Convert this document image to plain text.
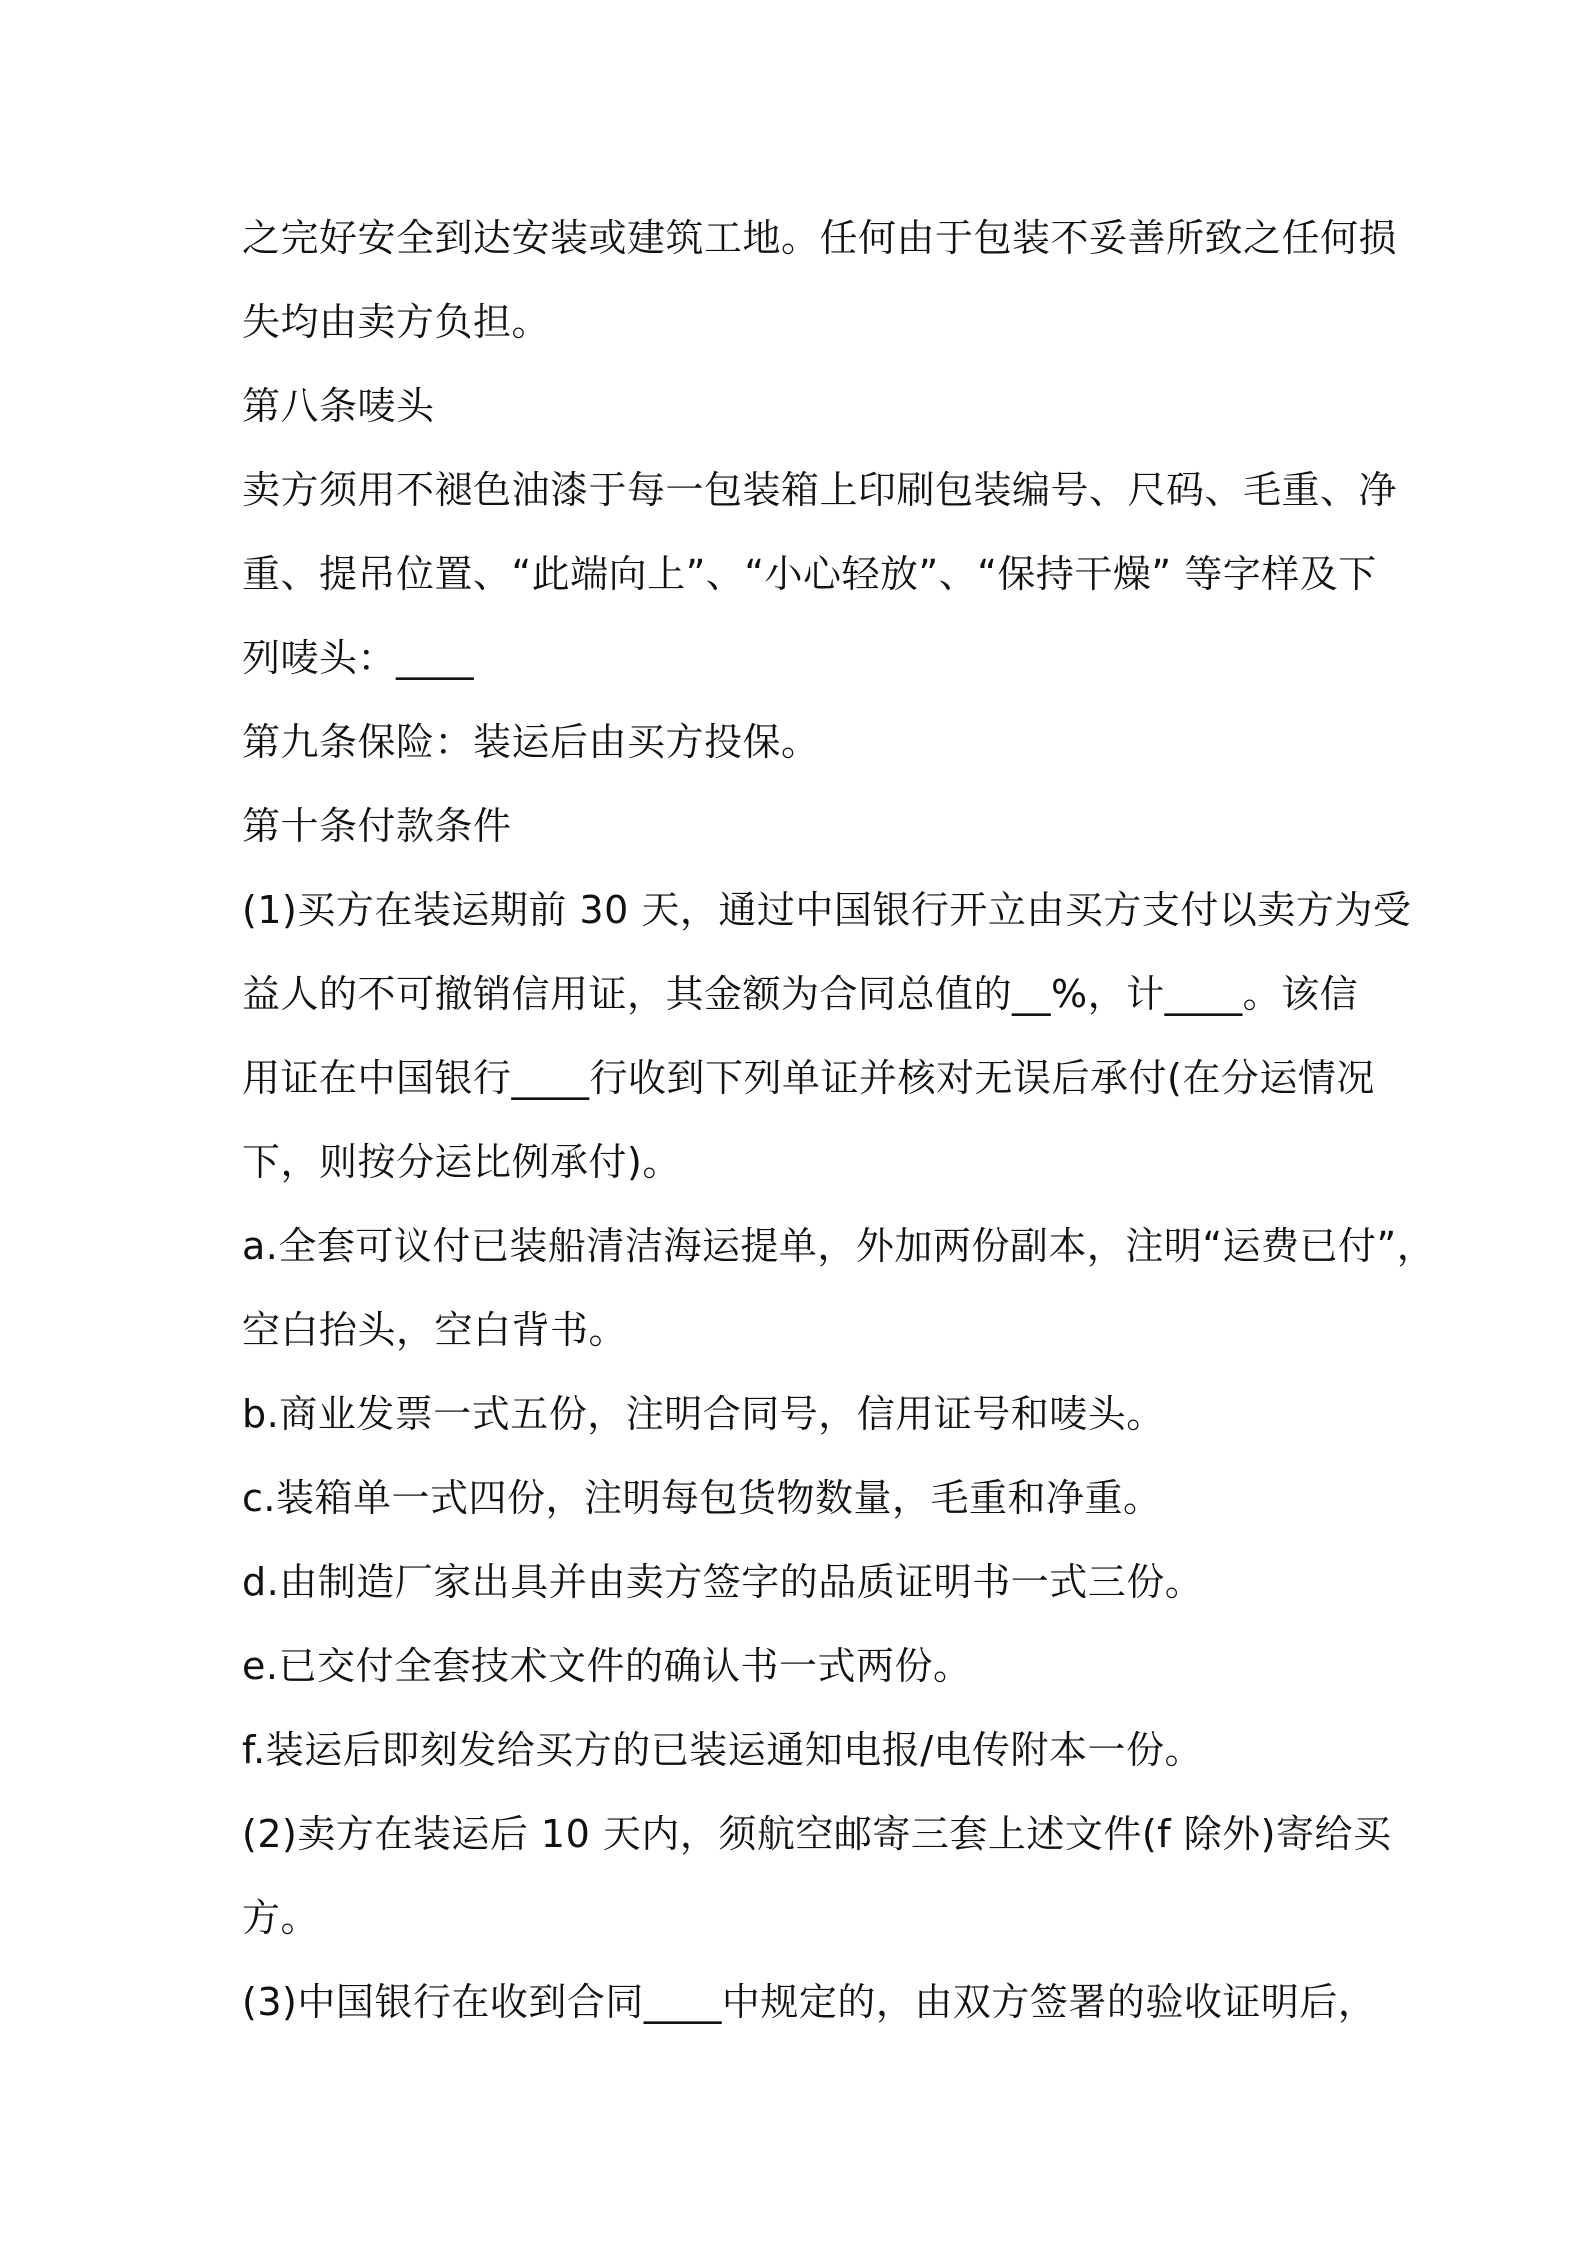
之完好安全到达安装或建筑工地。任何由于包装不妥善所致之任何损
失均由卖方负担。
第八条唛头
卖方须用不褪色油漆于每一包装箱上印刷包装编号、尺码、毛重、净
重、提吊位置、“此端向上”、“小心轻放”、“保持干燥” 等字样及下
列唛头：____
第九条保险：装运后由买方投保。
第十条付款条件
(1)买方在装运期前 30 天，通过中国银行开立由买方支付以卖方为受
益人的不可撤销信用证，其金额为合同总值的__%，计____。该信
用证在中国银行____行收到下列单证并核对无误后承付(在分运情况
下，则按分运比例承付)。
a.全套可议付已装船清洁海运提单，外加两份副本，注明“运费已付”，
空白抬头，空白背书。
b.商业发票一式五份，注明合同号，信用证号和唛头。
c.装箱单一式四份，注明每包货物数量，毛重和净重。
d.由制造厂家出具并由卖方签字的品质证明书一式三份。
e.已交付全套技术文件的确认书一式两份。
f.装运后即刻发给买方的已装运通知电报/电传附本一份。
(2)卖方在装运后 10 天内，须航空邮寄三套上述文件(f 除外)寄给买
方。
(3)中国银行在收到合同____中规定的，由双方签署的验收证明后，
